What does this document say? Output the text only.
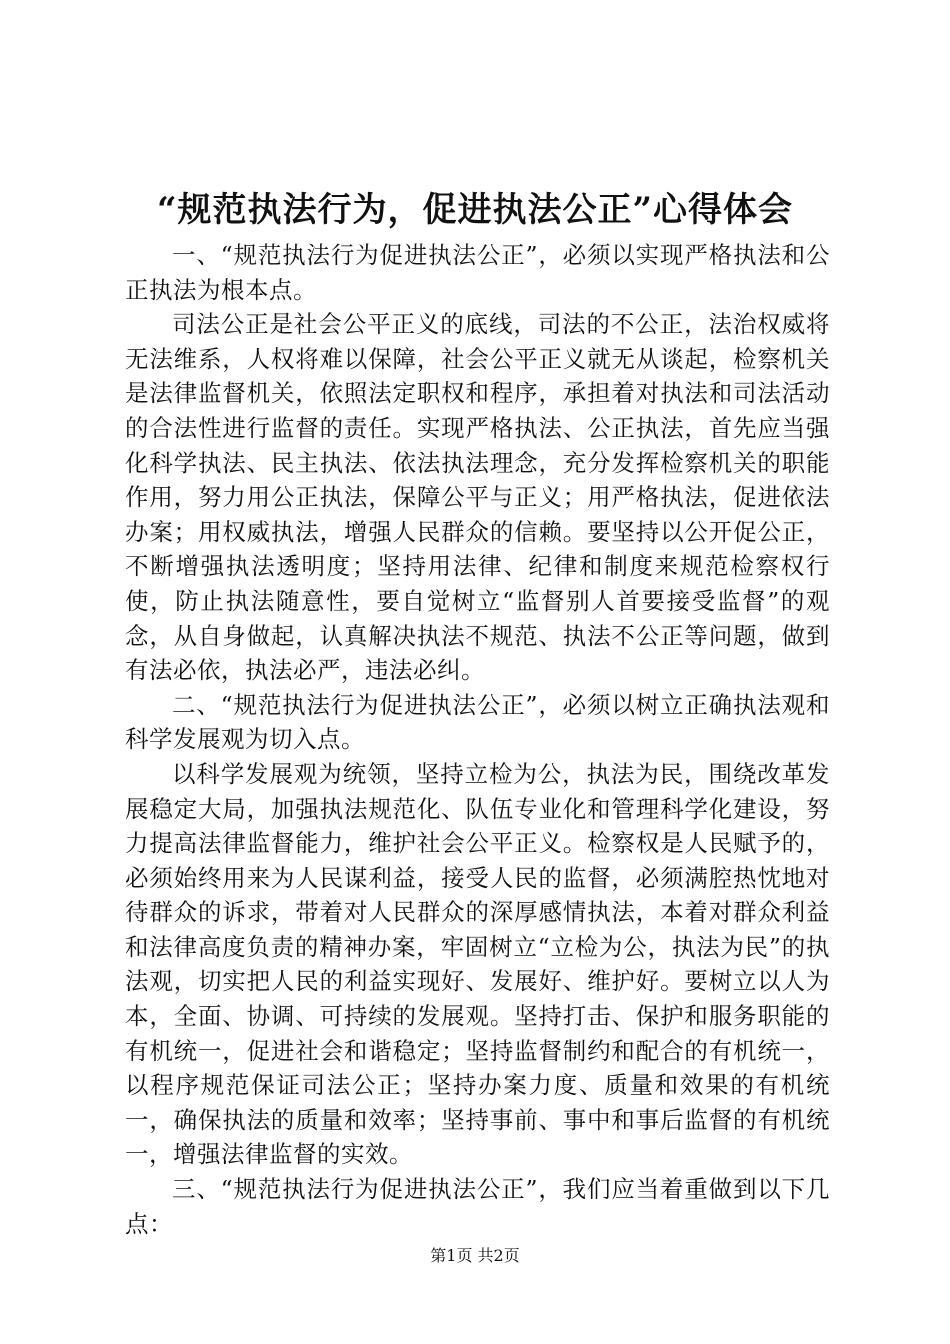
“规范执法行为，促进执法公正”心得体会

一、“规范执法行为促进执法公正”，必须以实现严格执法和公正执法为根本点。

司法公正是社会公平正义的底线，司法的不公正，法治权威将无法维系，人权将难以保障，社会公平正义就无从谈起，检察机关是法律监督机关，依照法定职权和程序，承担着对执法和司法活动的合法性进行监督的责任。实现严格执法、公正执法，首先应当强化科学执法、民主执法、依法执法理念，充分发挥检察机关的职能作用，努力用公正执法，保障公平与正义；用严格执法，促进依法办案；用权威执法，增强人民群众的信赖。要坚持以公开促公正，不断增强执法透明度；坚持用法律、纪律和制度来规范检察权行使，防止执法随意性，要自觉树立“监督别人首要接受监督”的观念，从自身做起，认真解决执法不规范、执法不公正等问题，做到有法必依，执法必严，违法必纠。

二、“规范执法行为促进执法公正”，必须以树立正确执法观和科学发展观为切入点。

以科学发展观为统领，坚持立检为公，执法为民，围绕改革发展稳定大局，加强执法规范化、队伍专业化和管理科学化建设，努力提高法律监督能力，维护社会公平正义。检察权是人民赋予的，必须始终用来为人民谋利益，接受人民的监督，必须满腔热忱地对待群众的诉求，带着对人民群众的深厚感情执法，本着对群众利益和法律高度负责的精神办案，牢固树立“立检为公，执法为民”的执法观，切实把人民的利益实现好、发展好、维护好。要树立以人为本，全面、协调、可持续的发展观。坚持打击、保护和服务职能的有机统一，促进社会和谐稳定；坚持监督制约和配合的有机统一，以程序规范保证司法公正；坚持办案力度、质量和效果的有机统一，确保执法的质量和效率；坚持事前、事中和事后监督的有机统一，增强法律监督的实效。

三、“规范执法行为促进执法公正”，我们应当着重做到以下几点：

第1页 共2页
